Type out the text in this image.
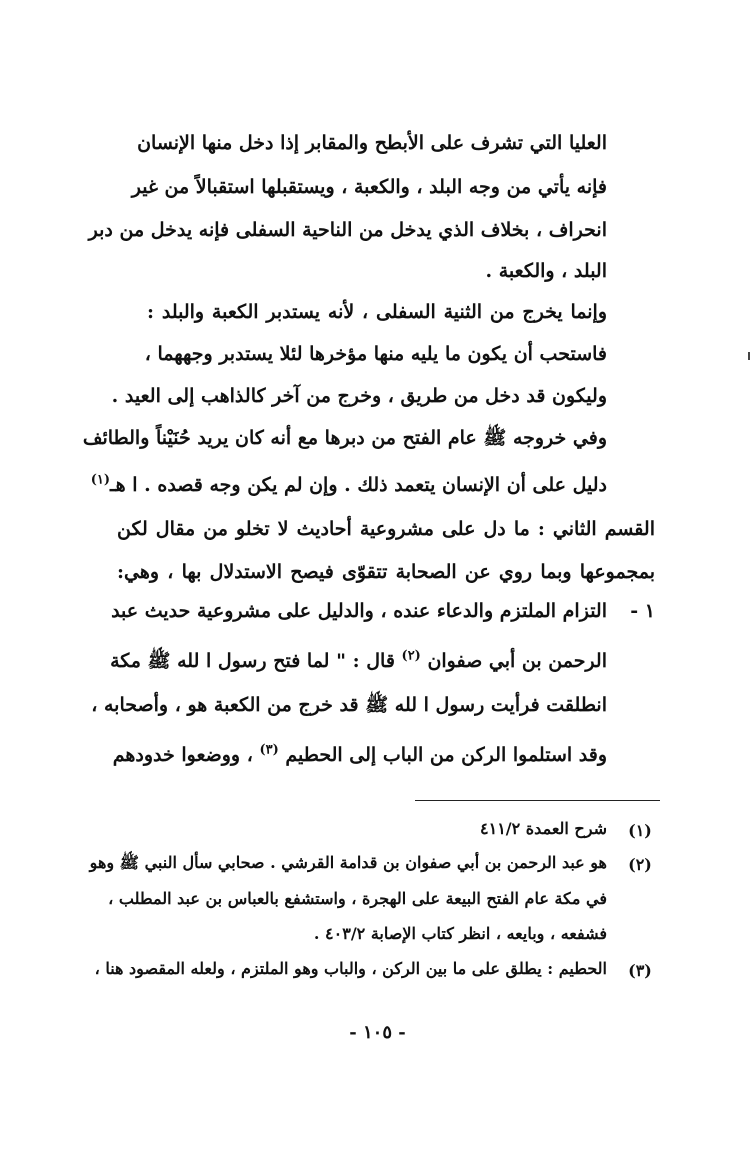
العليا التي تشرف على الأبطح والمقابر إذا دخل منها الإنسان
فإنه يأتي من وجه البلد ، والكعبة ، ويستقبلها استقبالاً من غير
انحراف ، بخلاف الذي يدخل من الناحية السفلى فإنه يدخل من دبر
البلد ، والكعبة .
وإنما يخرج من الثنية السفلى ، لأنه يستدبر الكعبة والبلد :
فاستحب أن يكون ما يليه منها مؤخرها لئلا يستدبر وجههما ،
وليكون قد دخل من طريق ، وخرج من آخر كالذاهب إلى العيد .
وفي خروجه ﷺ عام الفتح من دبرها مع أنه كان يريد حُنَيْناً والطائف
دليل على أن الإنسان يتعمد ذلك . وإن لم يكن وجه قصده . ا هـ$^{(١)}$
القسم الثاني : ما دل على مشروعية أحاديث لا تخلو من مقال لكن
بمجموعها وبما روي عن الصحابة تتقوّى فيصح الاستدلال بها ، وهي:
١ -
التزام الملتزم والدعاء عنده ، والدليل على مشروعية حديث عبد
الرحمن بن أبي صفوان $^{(٢)}$ قال : " لما فتح رسول ا لله ﷺ مكة
انطلقت فرأيت رسول ا لله ﷺ قد خرج من الكعبة هو ، وأصحابه ،
وقد استلموا الركن من الباب إلى الحطيم $^{(٣)}$ ، ووضعوا خدودهم
(١)
شرح العمدة ٤١١/٢
(٢)
هو عبد الرحمن بن أبي صفوان بن قدامة القرشي . صحابي سأل النبي ﷺ وهو
في مكة عام الفتح البيعة على الهجرة ، واستشفع بالعباس بن عبد المطلب ،
فشفعه ، وبايعه ، انظر كتاب الإصابة ٤٠٣/٢ .
(٣)
الحطيم : يطلق على ما بين الركن ، والباب وهو الملتزم ، ولعله المقصود هنا ،
- ١٠٥ -
